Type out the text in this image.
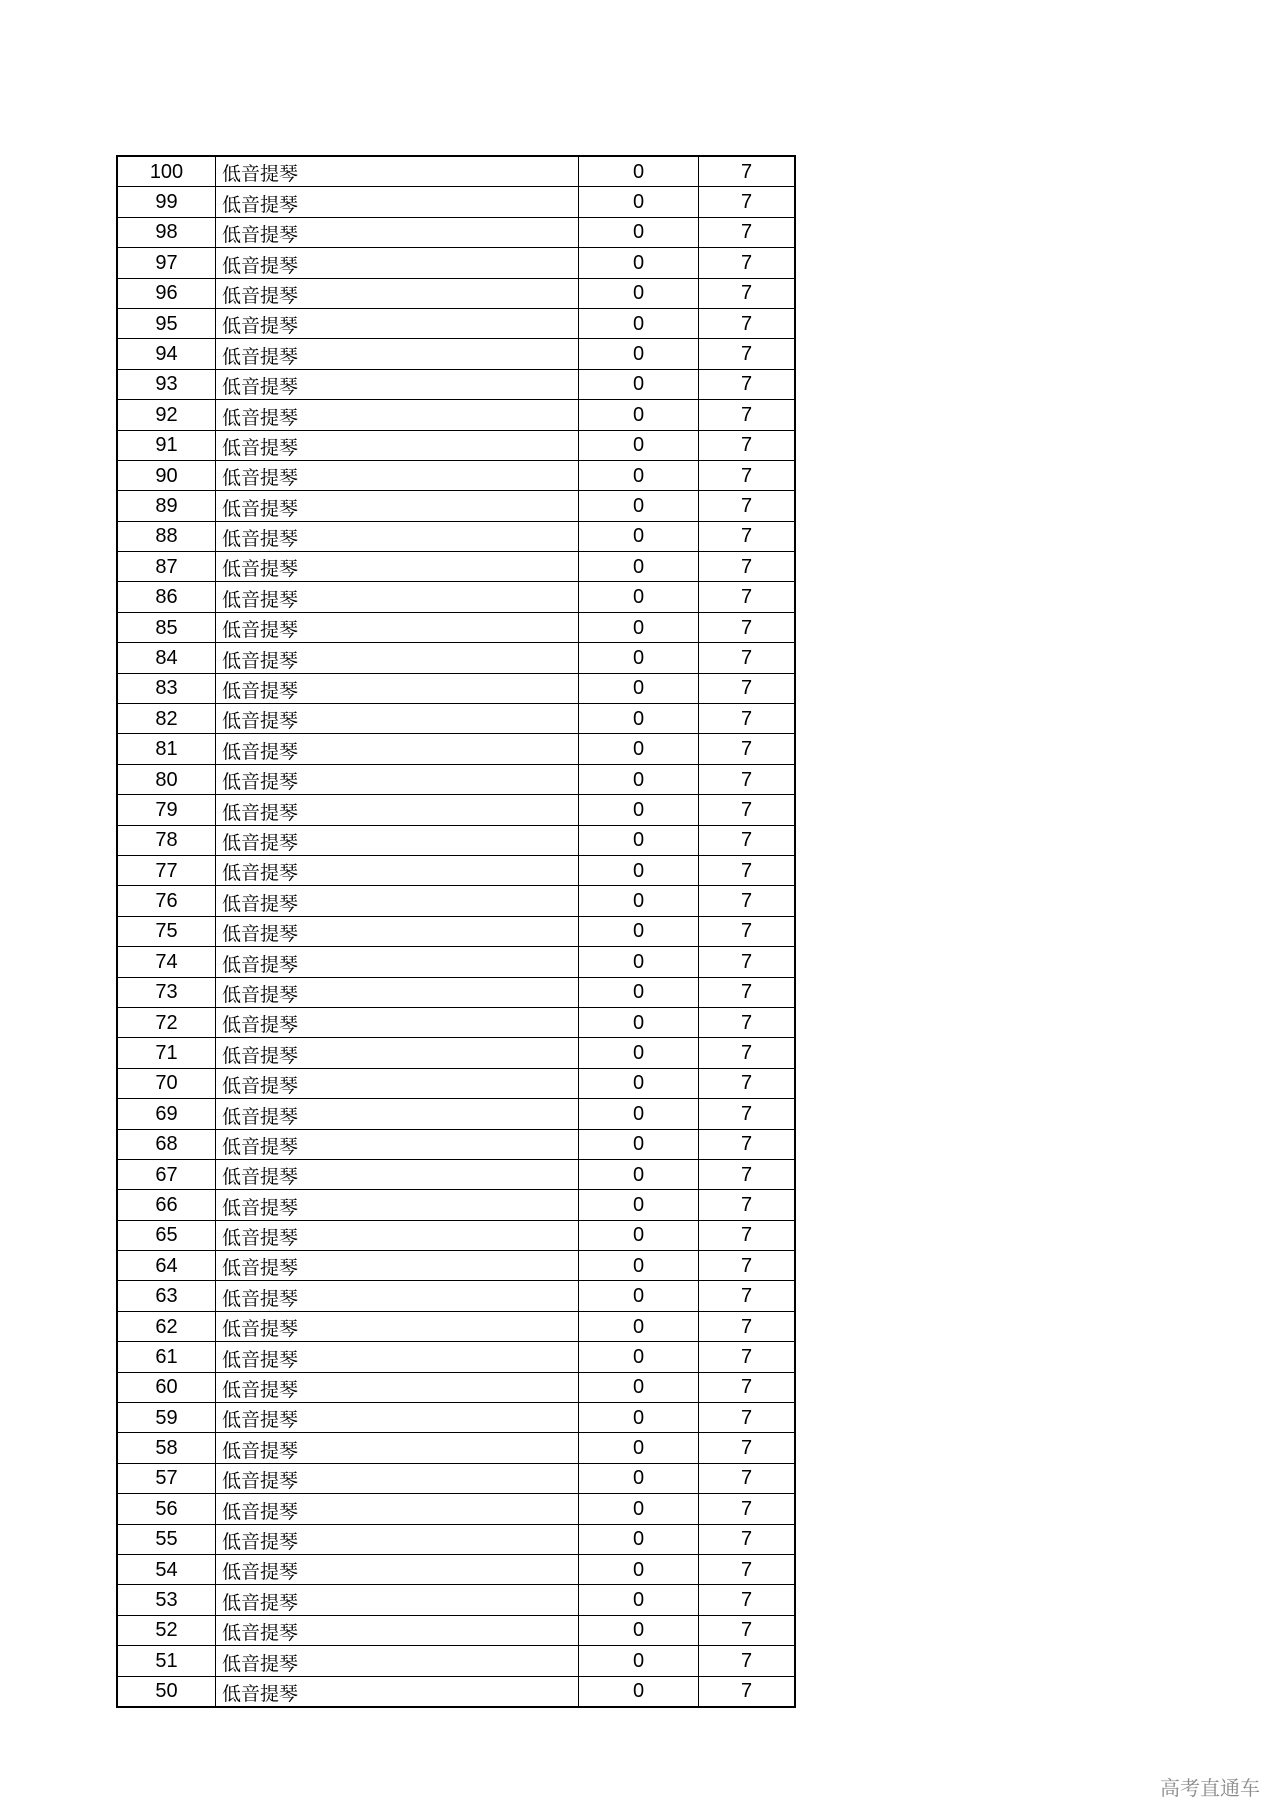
100	低音提琴	0	7
99	低音提琴	0	7
98	低音提琴	0	7
97	低音提琴	0	7
96	低音提琴	0	7
95	低音提琴	0	7
94	低音提琴	0	7
93	低音提琴	0	7
92	低音提琴	0	7
91	低音提琴	0	7
90	低音提琴	0	7
89	低音提琴	0	7
88	低音提琴	0	7
87	低音提琴	0	7
86	低音提琴	0	7
85	低音提琴	0	7
84	低音提琴	0	7
83	低音提琴	0	7
82	低音提琴	0	7
81	低音提琴	0	7
80	低音提琴	0	7
79	低音提琴	0	7
78	低音提琴	0	7
77	低音提琴	0	7
76	低音提琴	0	7
75	低音提琴	0	7
74	低音提琴	0	7
73	低音提琴	0	7
72	低音提琴	0	7
71	低音提琴	0	7
70	低音提琴	0	7
69	低音提琴	0	7
68	低音提琴	0	7
67	低音提琴	0	7
66	低音提琴	0	7
65	低音提琴	0	7
64	低音提琴	0	7
63	低音提琴	0	7
62	低音提琴	0	7
61	低音提琴	0	7
60	低音提琴	0	7
59	低音提琴	0	7
58	低音提琴	0	7
57	低音提琴	0	7
56	低音提琴	0	7
55	低音提琴	0	7
54	低音提琴	0	7
53	低音提琴	0	7
52	低音提琴	0	7
51	低音提琴	0	7
50	低音提琴	0	7
高考直通车
